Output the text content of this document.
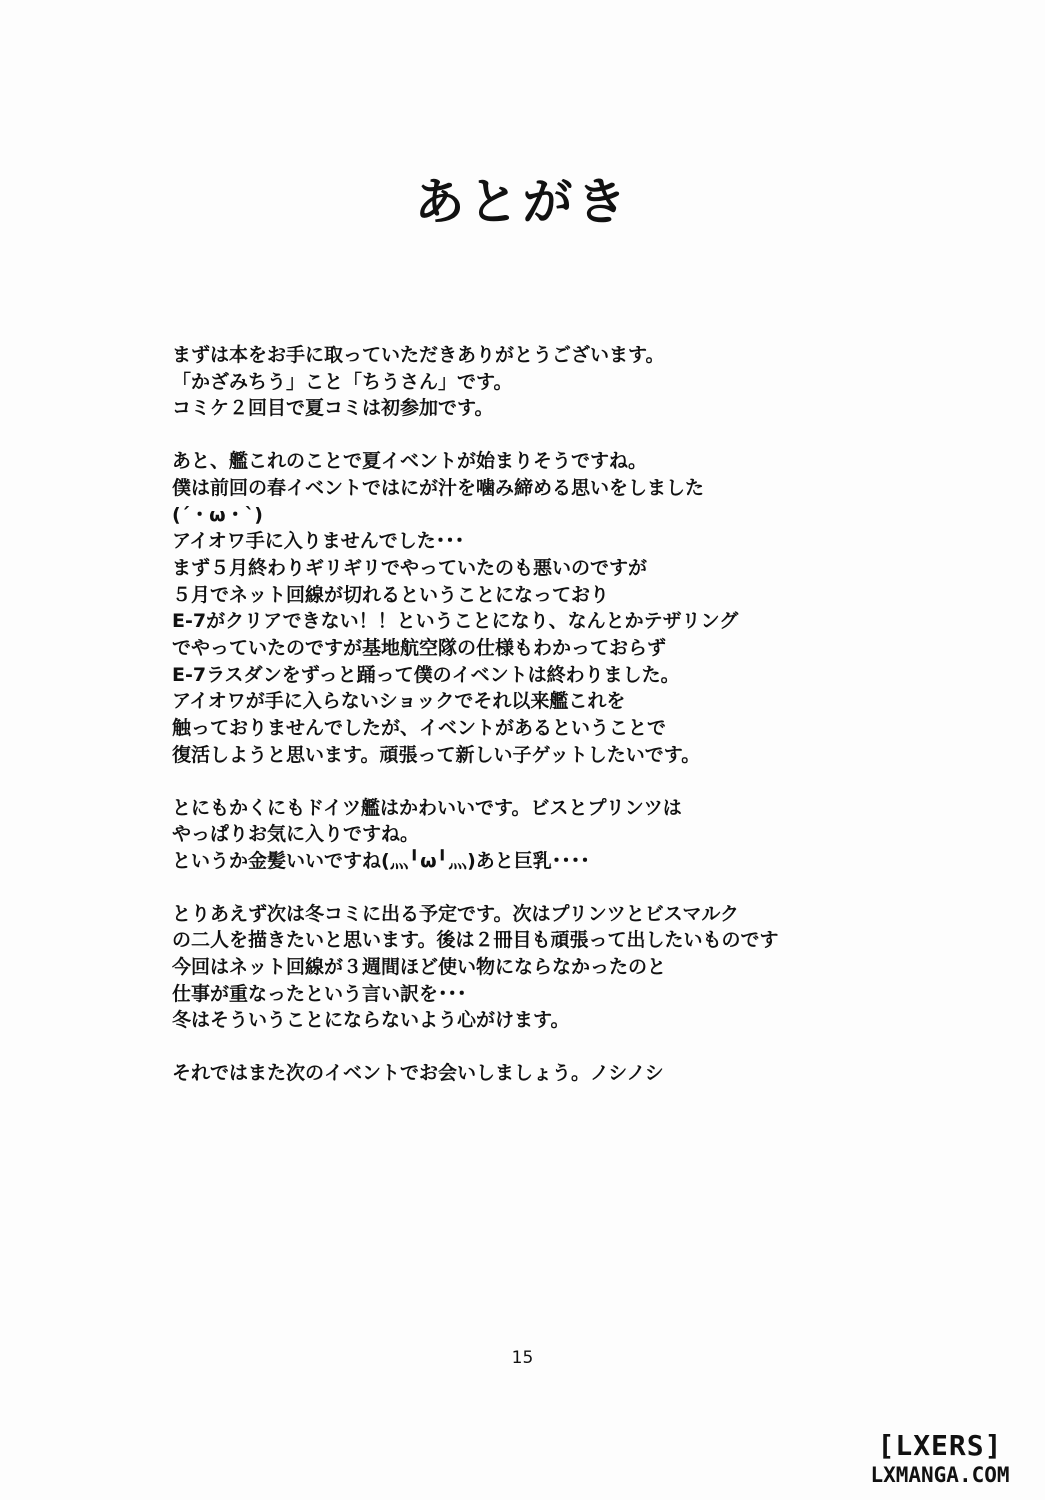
あとがき
まずは本をお手に取っていただきありがとうございます。
「かざみちう」こと「ちうさん」です。
コミケ２回目で夏コミは初参加です。
あと、艦これのことで夏イベントが始まりそうですね。
僕は前回の春イベントではにが汁を噛み締める思いをしました
(´・ω・`)
アイオワ手に入りませんでした･･･
まず５月終わりギリギリでやっていたのも悪いのですが
５月でネット回線が切れるということになっており
E-7がクリアできない！！ということになり、なんとかテザリング
でやっていたのですが基地航空隊の仕様もわかっておらず
E-7ラスダンをずっと踊って僕のイベントは終わりました。
アイオワが手に入らないショックでそれ以来艦これを
触っておりませんでしたが、イベントがあるということで
復活しようと思います。頑張って新しい子ゲットしたいです。
とにもかくにもドイツ艦はかわいいです。ビスとプリンツは
やっぱりお気に入りですね。
というか金髪いいですね(灬╹ω╹灬)あと巨乳････
とりあえず次は冬コミに出る予定です。次はプリンツとビスマルク
の二人を描きたいと思います。後は２冊目も頑張って出したいものです
今回はネット回線が３週間ほど使い物にならなかったのと
仕事が重なったという言い訳を･･･
冬はそういうことにならないよう心がけます。
それではまた次のイベントでお会いしましょう。ノシノシ
15
[LXERS]
LXMANGA.COM
